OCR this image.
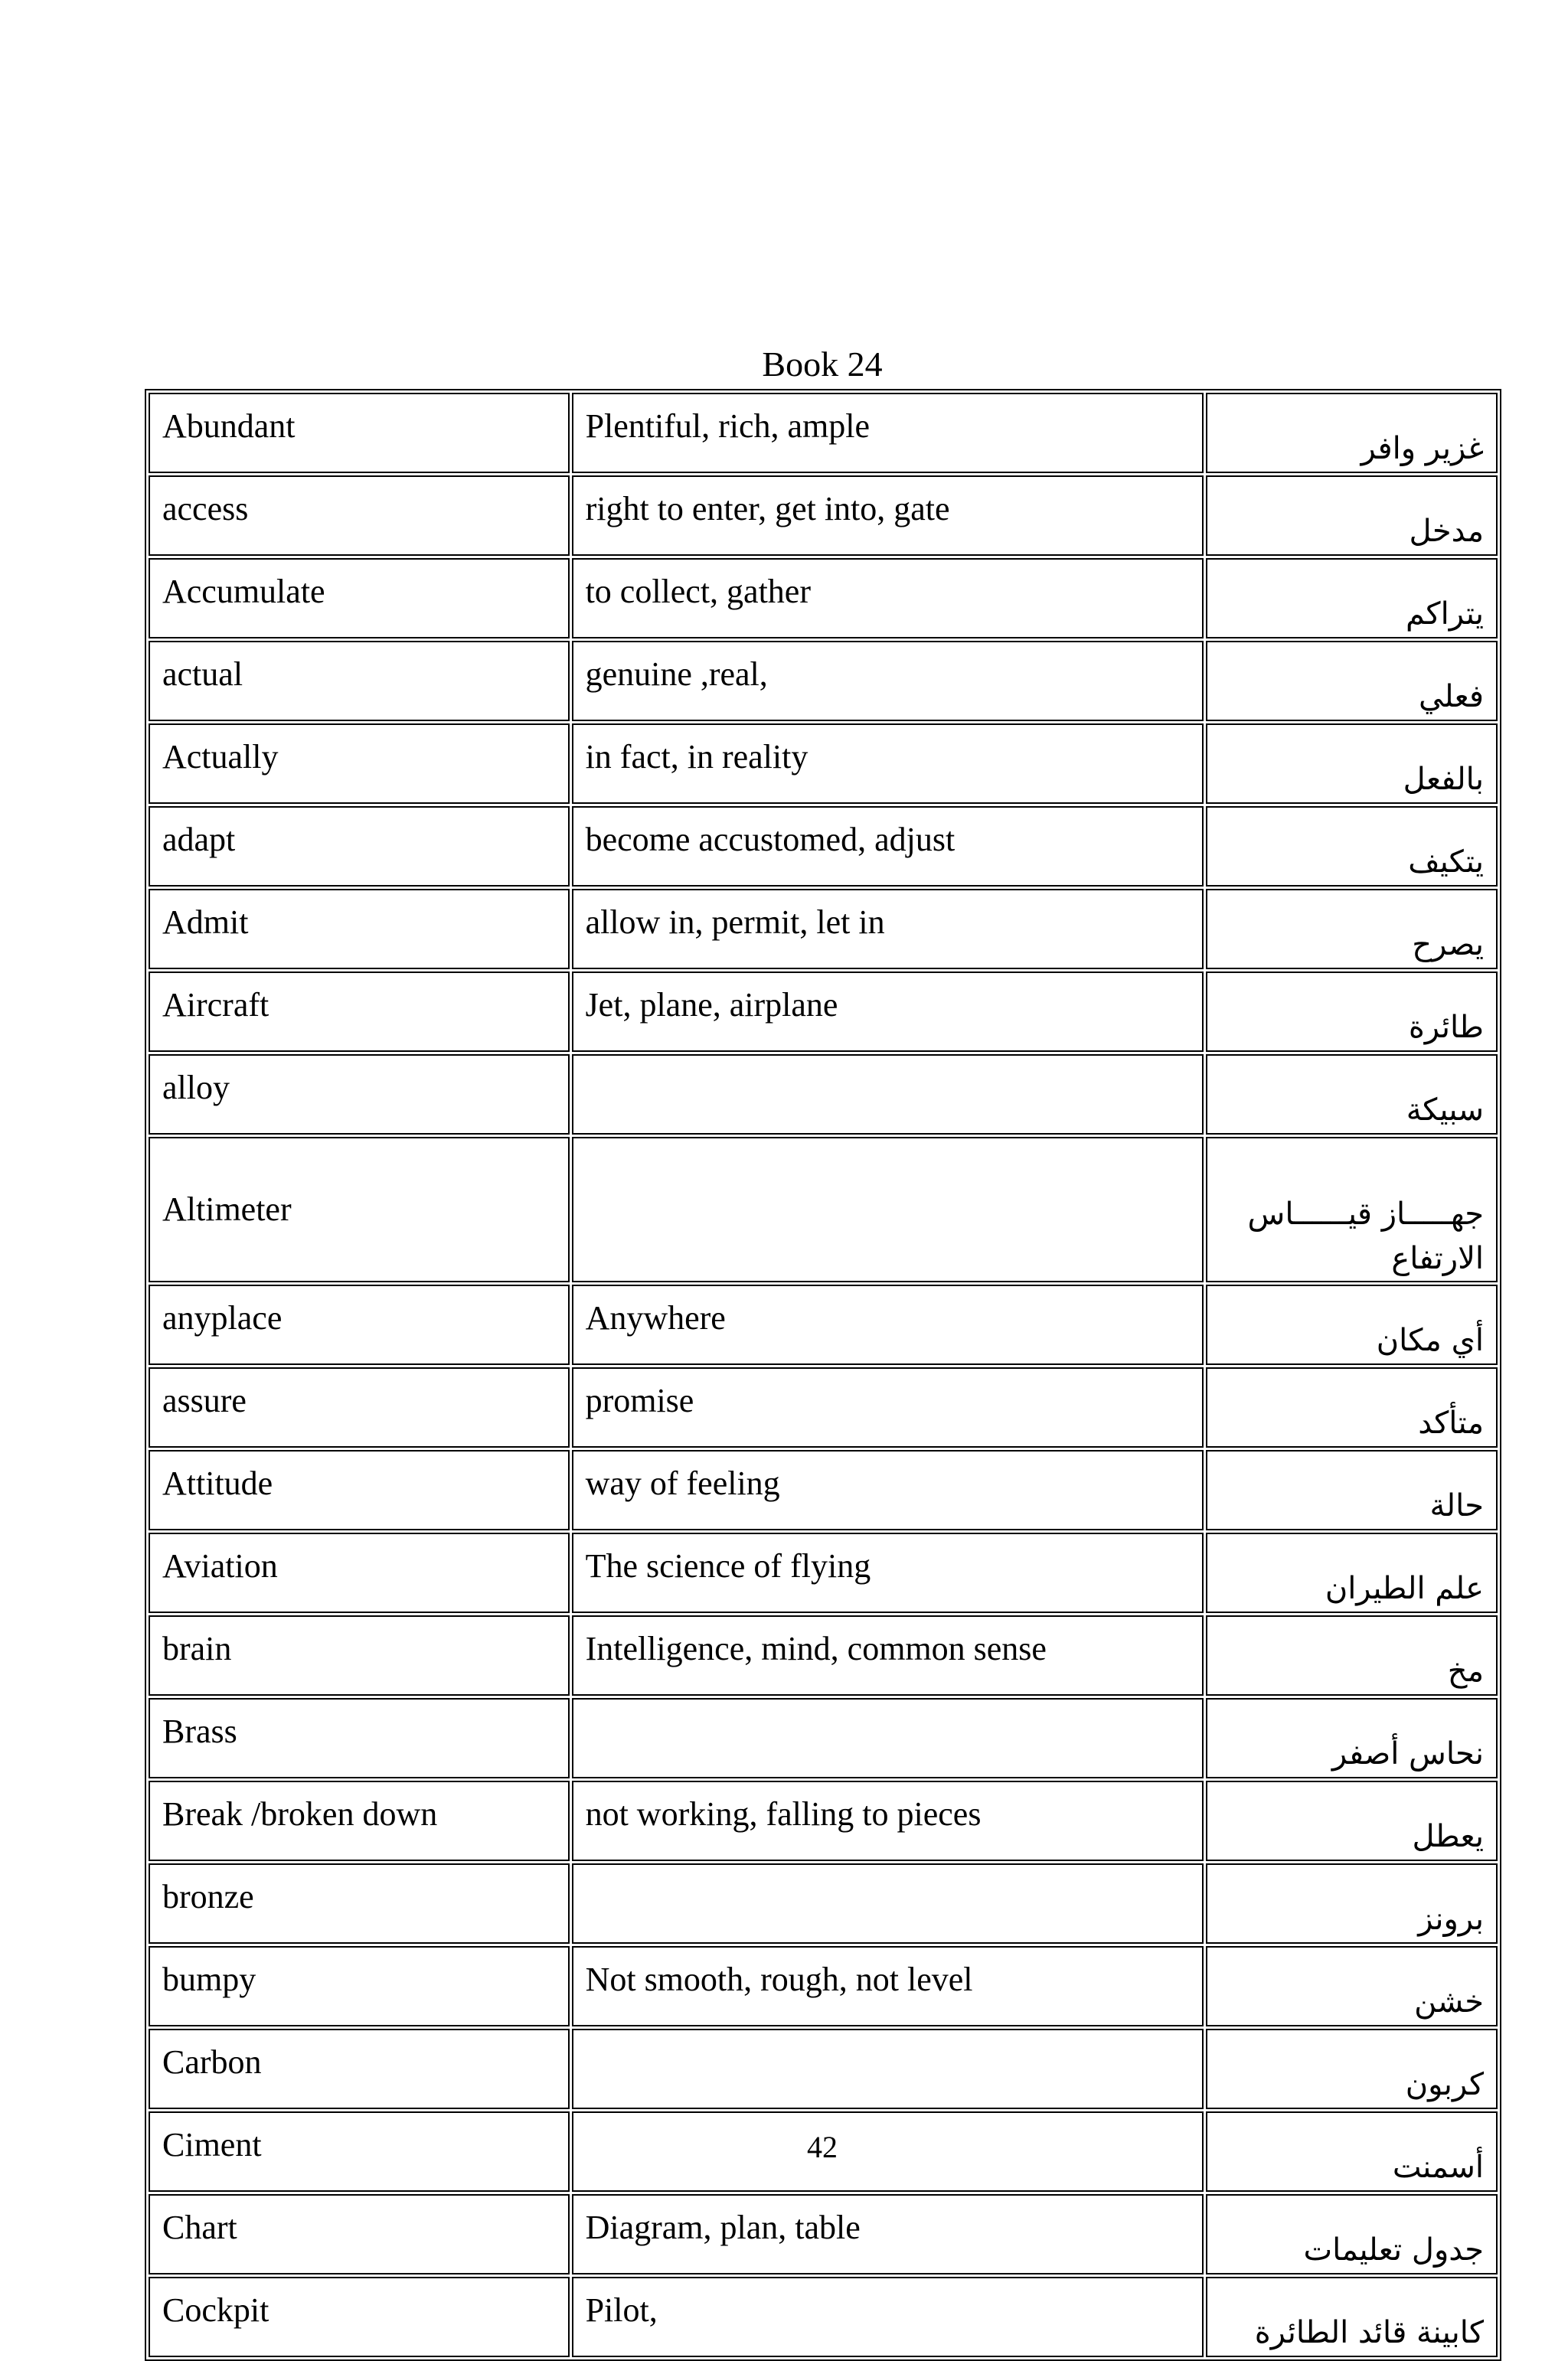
Book 24
Abundant	Plentiful, rich, ample	غزير وافر
access	right to enter, get into, gate	مدخل
Accumulate	to collect, gather	يتراكم
actual	genuine ,real,	فعلي
Actually	in fact, in reality	بالفعل
adapt	become accustomed, adjust	يتكيف
Admit	allow in, permit, let in	يصرح
Aircraft	Jet, plane, airplane	طائرة
alloy		سبيكة
Altimeter		جهـــــاز قيــــــاس الارتفاع
anyplace	Anywhere	أي مكان
assure	promise	متأكد
Attitude	way of feeling	حالة
Aviation	The science of flying	علم الطيران
brain	Intelligence, mind, common sense	مخ
Brass		نحاس أصفر
Break /broken down	not working, falling to pieces	يعطل
bronze		برونز
bumpy	Not smooth, rough, not level	خشن
Carbon		كربون
Ciment		أسمنت
Chart	Diagram, plan, table	جدول تعليمات
Cockpit	Pilot,	كابينة قائد الطائرة
42
